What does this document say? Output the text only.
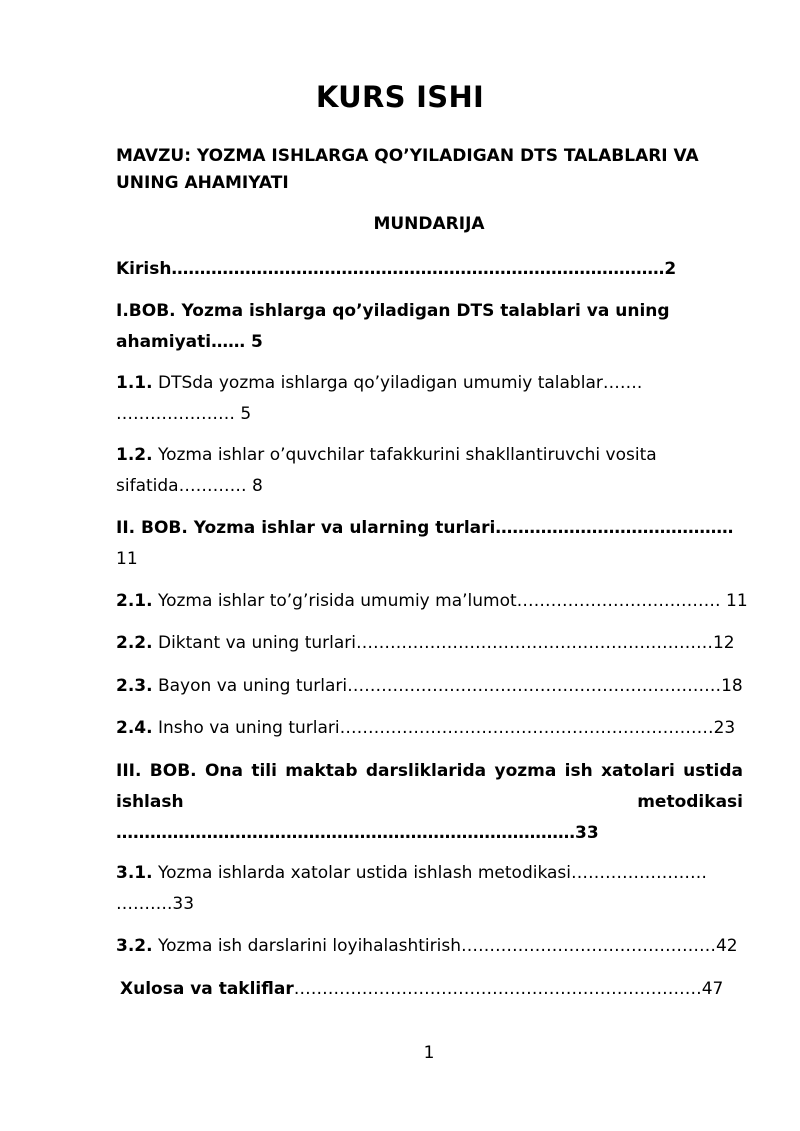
KURS ISHI
MAVZU: YOZMA ISHLARGA QO’YILADIGAN DTS TALABLARI VA
UNING AHAMIYATI
MUNDARIJA
Kirish……………………………………………………………………………2
I.BOB. Yozma ishlarga qo’yiladigan DTS talablari va uning
ahamiyati…… 5
1.1. DTSda yozma ishlarga qo’yiladigan umumiy talablar…….
………………… 5
1.2. Yozma ishlar o’quvchilar tafakkurini shakllantiruvchi vosita
sifatida………… 8
II. BOB. Yozma ishlar va ularning turlari……………………………………
11
2.1. Yozma ishlar to’g’risida umumiy ma’lumot……………………………… 11
2.2. Diktant va uning turlari………………………………………………………12
2.3. Bayon va uning turlari…………………………………………………………18
2.4. Insho va uning turlari…………………………………………………………23
III. BOB. Ona tili maktab darsliklarida yozma ish xatolari ustida
ishlash	metodikasi
………………………………………………………………………33
3.1. Yozma ishlarda xatolar ustida ishlash metodikasi……………………
……….33
3.2. Yozma ish darslarini loyihalashtirish………………………………………42
Xulosa va takliflar………………………………………………………………47
1
